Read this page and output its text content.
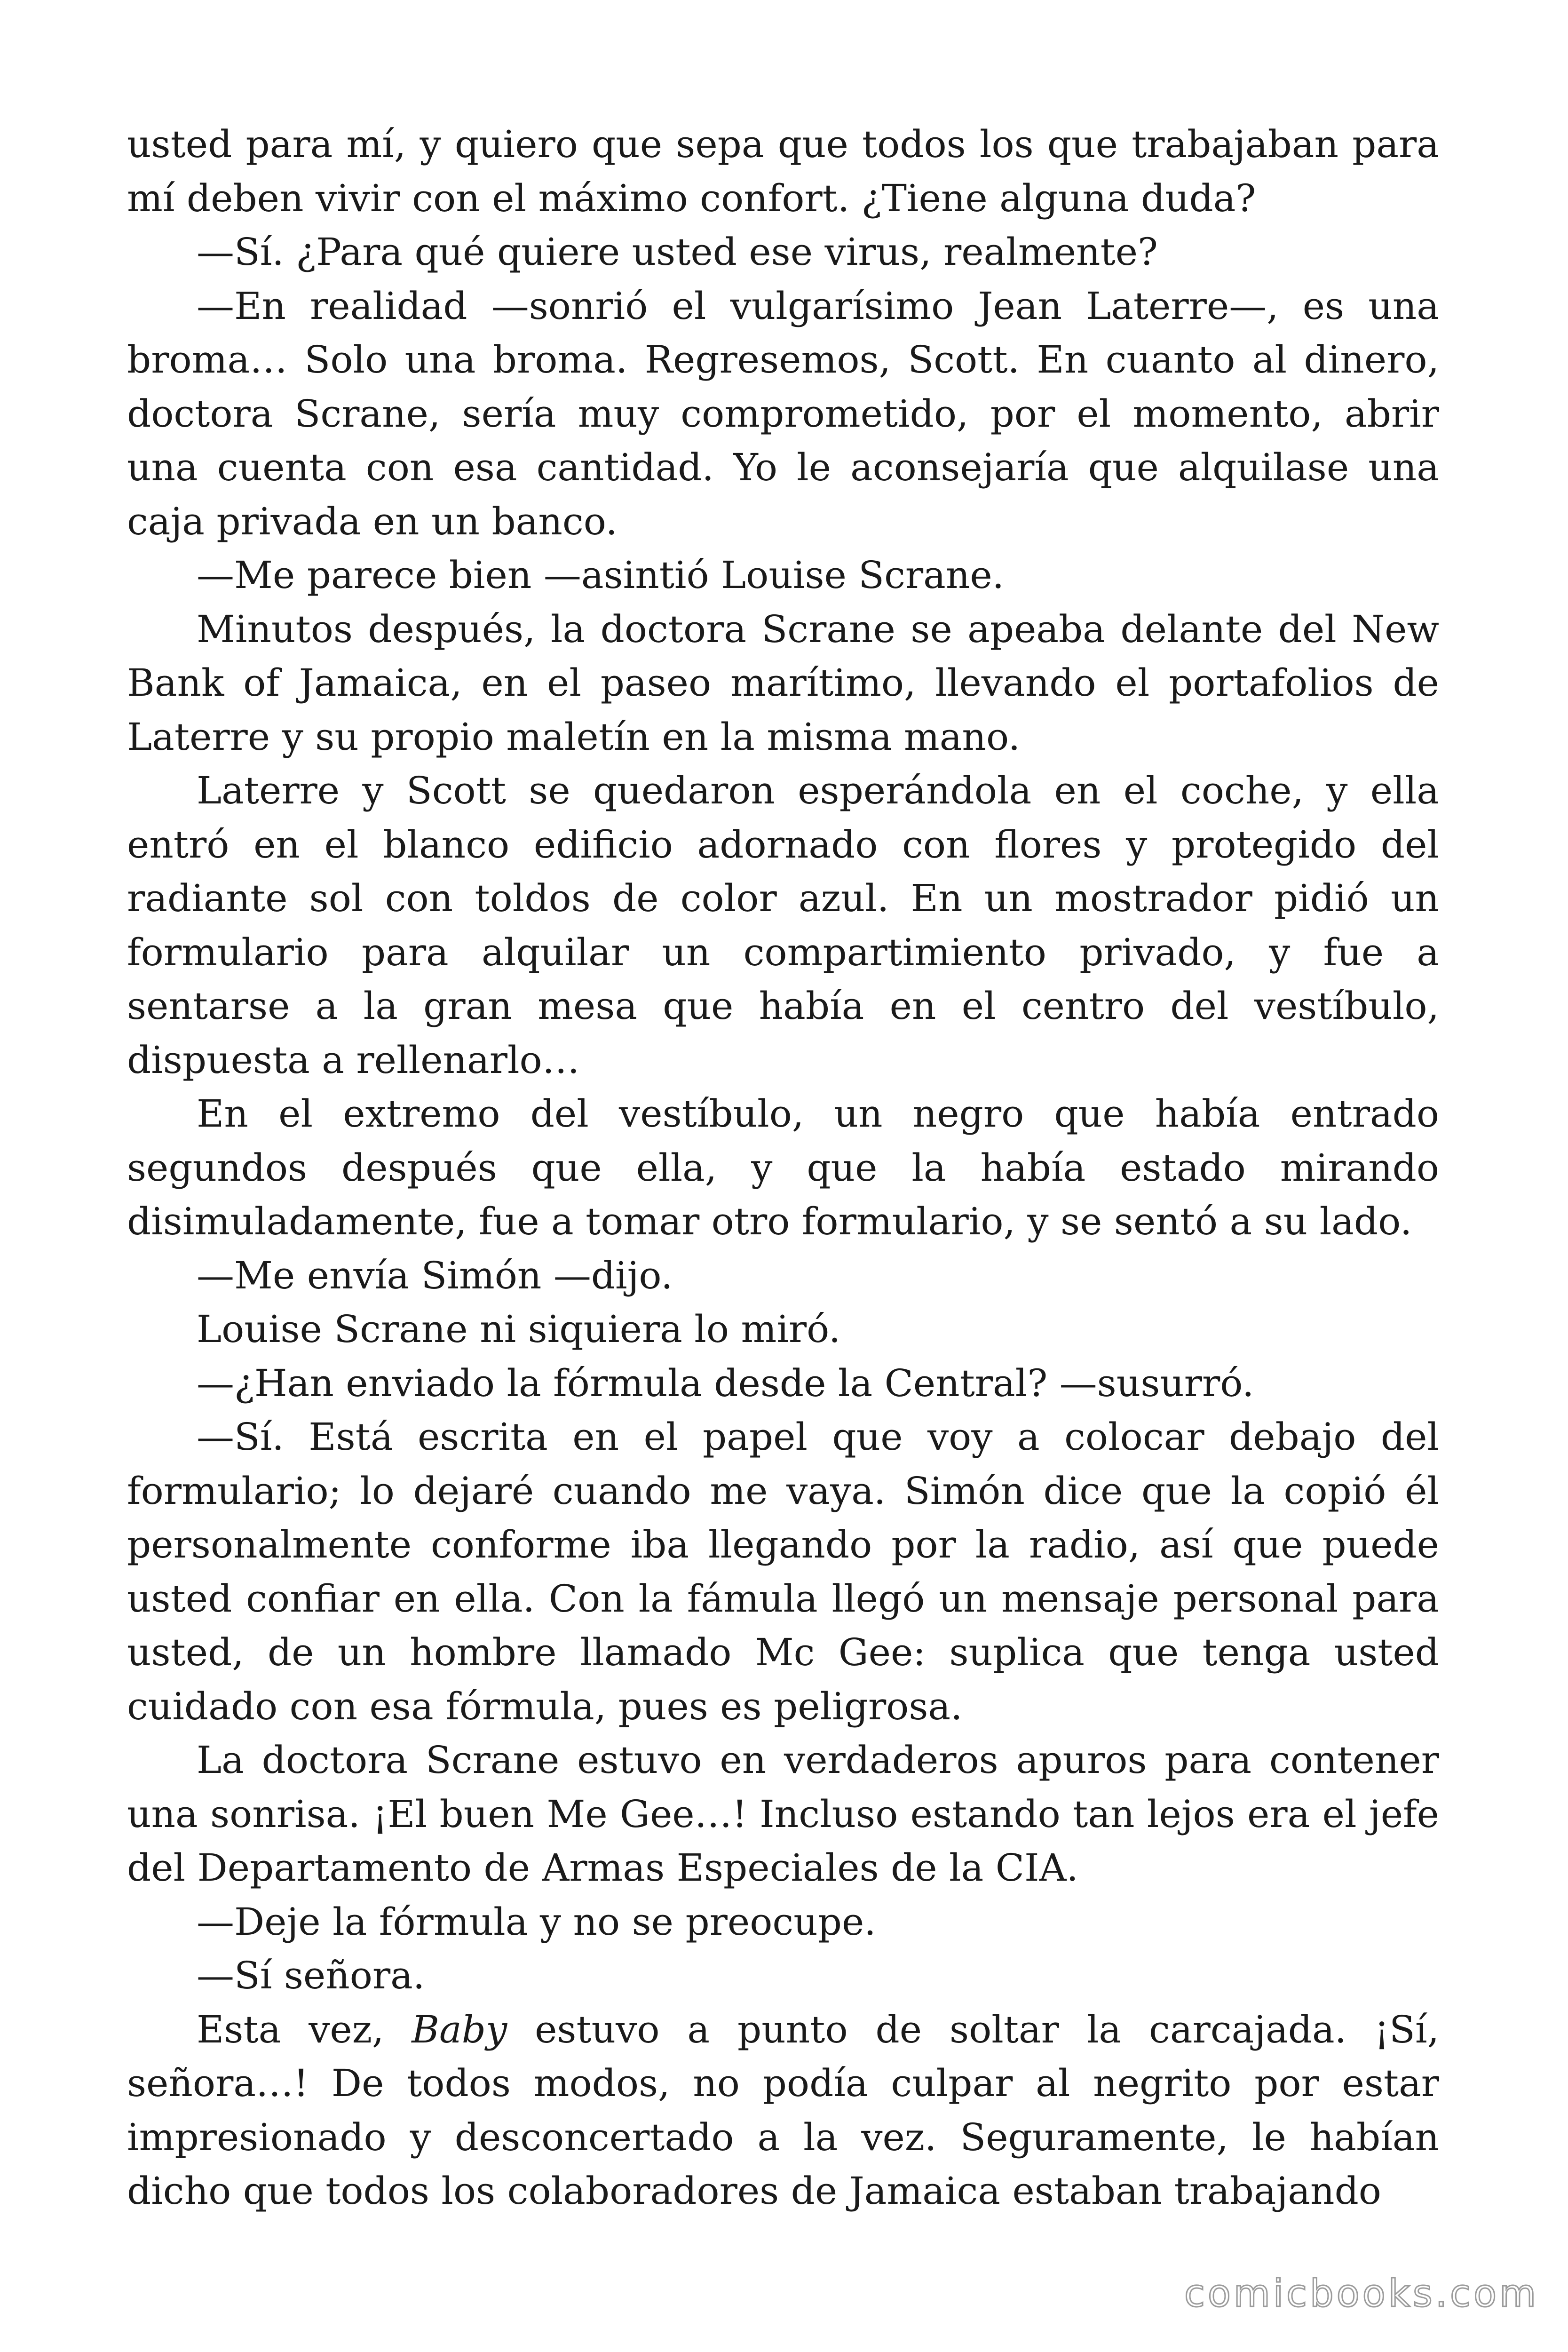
usted para mí, y quiero que sepa que todos los que trabajaban para mí deben vivir con el máximo confort. ¿Tiene alguna duda?

—Sí. ¿Para qué quiere usted ese virus, realmente?

—En realidad —sonrió el vulgarísimo Jean Laterre—, es una broma… Solo una broma. Regresemos, Scott. En cuanto al dinero, doctora Scrane, sería muy comprometido, por el momento, abrir una cuenta con esa cantidad. Yo le aconsejaría que alquilase una caja privada en un banco.

—Me parece bien —asintió Louise Scrane.

Minutos después, la doctora Scrane se apeaba delante del New Bank of Jamaica, en el paseo marítimo, llevando el portafolios de Laterre y su propio maletín en la misma mano.

Laterre y Scott se quedaron esperándola en el coche, y ella entró en el blanco edificio adornado con flores y protegido del radiante sol con toldos de color azul. En un mostrador pidió un formulario para alquilar un compartimiento privado, y fue a sentarse a la gran mesa que había en el centro del vestíbulo, dispuesta a rellenarlo…

En el extremo del vestíbulo, un negro que había entrado segundos después que ella, y que la había estado mirando disimuladamente, fue a tomar otro formulario, y se sentó a su lado.

—Me envía Simón —dijo.

Louise Scrane ni siquiera lo miró.

—¿Han enviado la fórmula desde la Central? —susurró.

—Sí. Está escrita en el papel que voy a colocar debajo del formulario; lo dejaré cuando me vaya. Simón dice que la copió él personalmente conforme iba llegando por la radio, así que puede usted confiar en ella. Con la fámula llegó un mensaje personal para usted, de un hombre llamado Mc Gee: suplica que tenga usted cuidado con esa fórmula, pues es peligrosa.

La doctora Scrane estuvo en verdaderos apuros para contener una sonrisa. ¡El buen Me Gee…! Incluso estando tan lejos era el jefe del Departamento de Armas Especiales de la CIA.

—Deje la fórmula y no se preocupe.

—Sí señora.

Esta vez, Baby estuvo a punto de soltar la carcajada. ¡Sí, señora…! De todos modos, no podía culpar al negrito por estar impresionado y desconcertado a la vez. Seguramente, le habían dicho que todos los colaboradores de Jamaica estaban trabajando

comicbooks.com
